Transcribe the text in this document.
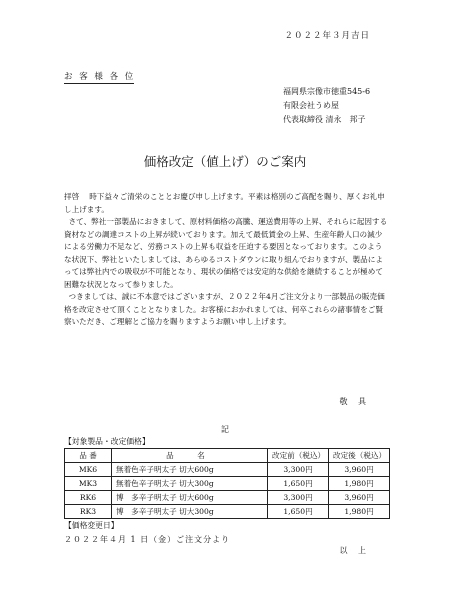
２０２２年３月吉日
お 客 様 各 位
福岡県宗像市徳重545-6
有限会社うめ屋
代表取締役 清永　邦子
価格改定（値上げ）のご案内

拝啓　 時下益々ご清栄のこととお慶び申し上げます。平素は格別のご高配を賜り、厚くお礼申し上げます。

さて、弊社一部製品におきまして、原材料価格の高騰、運送費用等の上昇、それらに起因する資材などの調達コストの上昇が続いております。加えて最低賃金の上昇、生産年齢人口の減少による労働力不足など、労務コストの上昇も収益を圧迫する要因となっております。このような状況下、弊社といたしましては、あらゆるコストダウンに取り組んでおりますが、製品によっては弊社内での吸収が不可能となり、現状の価格では安定的な供給を継続することが極めて困難な状況となって参りました。

つきましては、誠に不本意ではございますが、２０２２年4月ご注文分より一部製品の販売価格を改定させて頂くこととなりました。お客様におかれましては、何卒これらの諸事情をご賢察いただき、ご理解とご協力を賜りますようお願い申し上げます。

敬 具
記
【対象製品・改定価格】
品 番	品　名	改定前（税込）	改定後（税込）
MK6	無着色辛子明太子 切大600g	3,300円	3,960円
MK3	無着色辛子明太子 切大300g	1,650円	1,980円
RK6	博　多辛子明太子 切大600g	3,300円	3,960円
RK3	博　多辛子明太子 切大300g	1,650円	1,980円
【価格変更日】
２０２２年４月 1 日（金）ご注文分より
以 上
